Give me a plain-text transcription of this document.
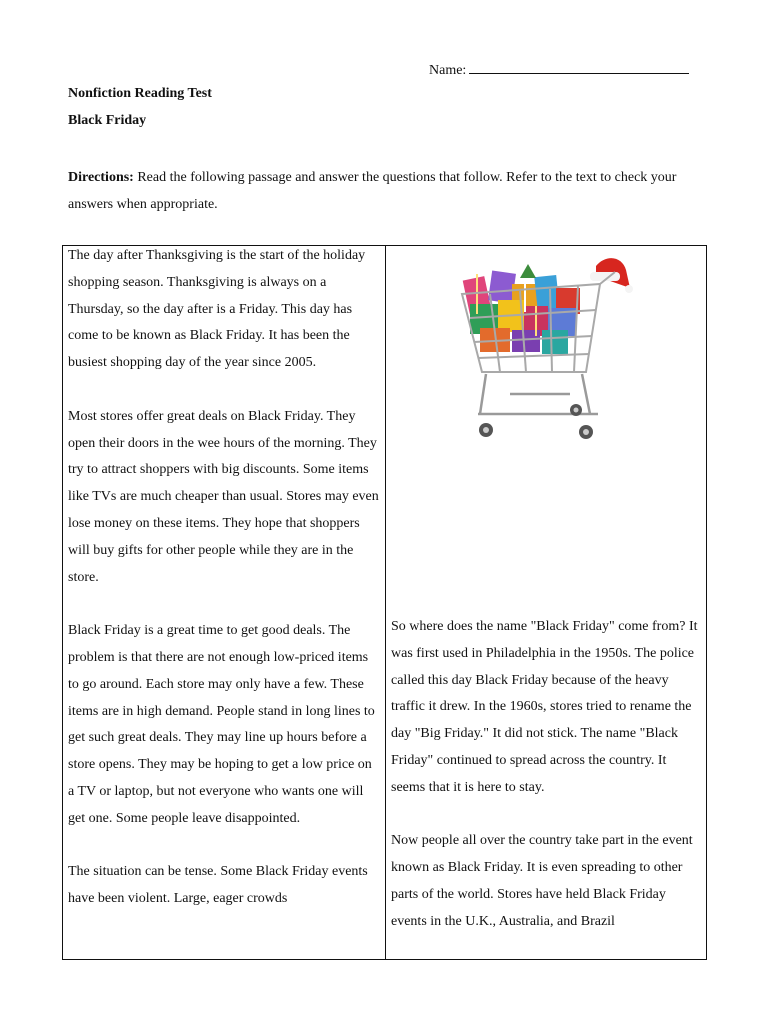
Name:
Nonfiction Reading Test
Black Friday
Directions: Read the following passage and answer the questions that follow. Refer to the text to check your answers when appropriate.

The day after Thanksgiving is the start of the holiday shopping season. Thanksgiving is always on a Thursday, so the day after is a Friday. This day has come to be known as Black Friday. It has been the busiest shopping day of the year since 2005.

Most stores offer great deals on Black Friday. They open their doors in the wee hours of the morning. They try to attract shoppers with big discounts. Some items like TVs are much cheaper than usual. Stores may even lose money on these items. They hope that shoppers will buy gifts for other people while they are in the store.

Black Friday is a great time to get good deals. The problem is that there are not enough low-priced items to go around. Each store may only have a few. These items are in high demand. People stand in long lines to get such great deals. They may line up hours before a store opens. They may be hoping to get a low price on a TV or laptop, but not everyone who wants one will get one. Some people leave disappointed.

The situation can be tense. Some Black Friday events have been violent. Large, eager crowds

So where does the name "Black Friday" come from? It was first used in Philadelphia in the 1950s. The police called this day Black Friday because of the heavy traffic it drew. In the 1960s, stores tried to rename the day "Big Friday." It did not stick. The name "Black Friday" continued to spread across the country. It seems that it is here to stay.

Now people all over the country take part in the event known as Black Friday. It is even spreading to other parts of the world. Stores have held Black Friday events in the U.K., Australia, and Brazil
